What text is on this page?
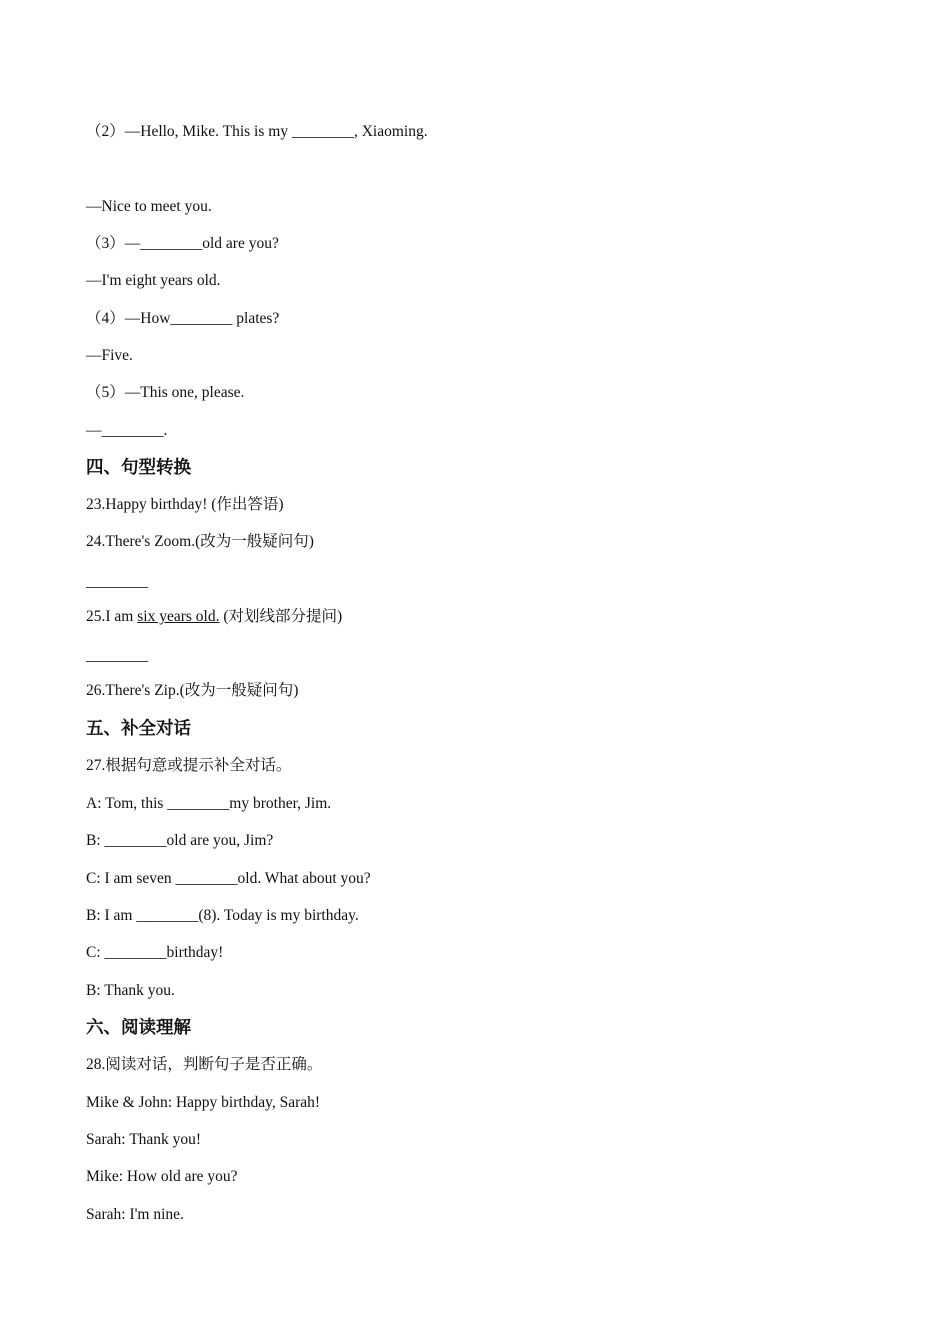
（2）—Hello, Mike. This is my ________, Xiaoming.
—Nice to meet you.
（3）—________old are you?
—I'm eight years old.
（4）—How________ plates?
—Five.
（5）—This one, please.
—________.
四、句型转换
23.Happy birthday! (作出答语)
24.There's Zoom.(改为一般疑问句)
________
25.I am six years old. (对划线部分提问)
________
26.There's Zip.(改为一般疑问句)
五、补全对话
27.根据句意或提示补全对话。
A: Tom, this ________my brother, Jim.
B: ________old are you, Jim?
C: I am seven ________old. What about you?
B: I am ________(8). Today is my birthday.
C: ________birthday!
B: Thank you.
六、阅读理解
28.阅读对话，判断句子是否正确。
Mike & John: Happy birthday, Sarah!
Sarah: Thank you!
Mike: How old are you?
Sarah: I'm nine.
